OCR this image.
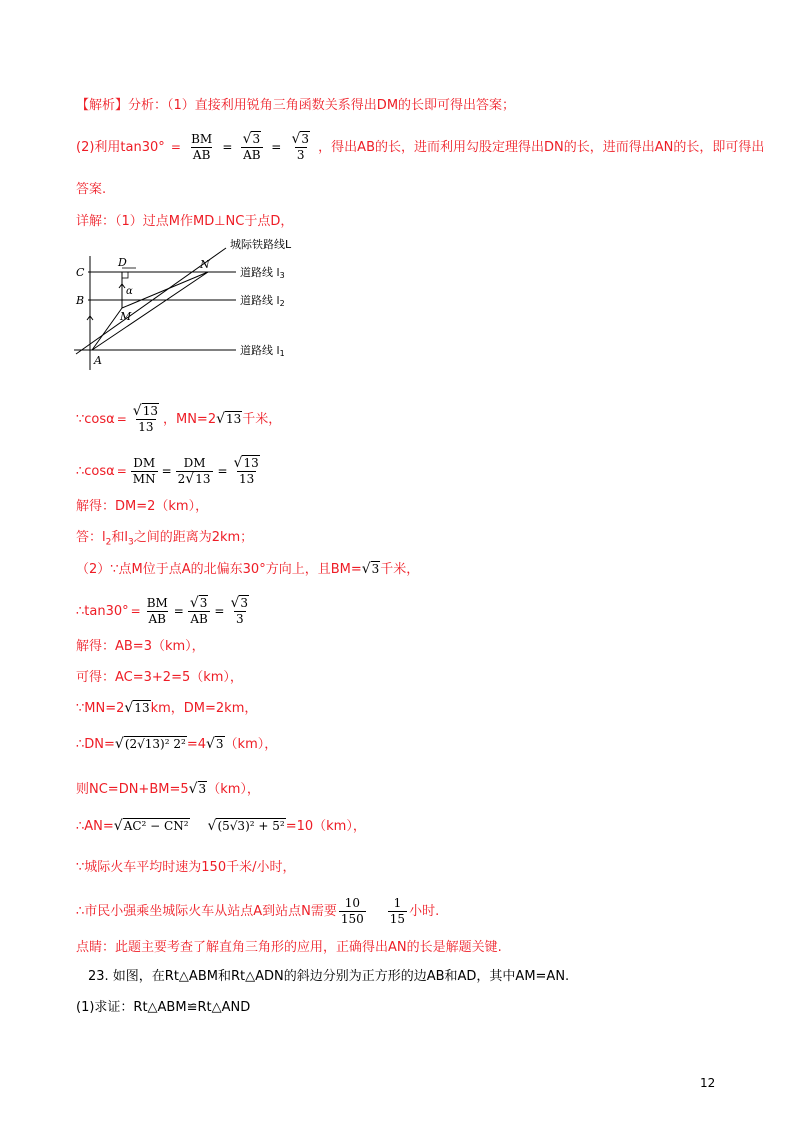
【解析】分析：（1）直接利用锐角三角函数关系得出DM的长即可得出答案；
(2)利用$\tan 30^\circ = \frac{BM}{AB} = \frac{√3}{AB} = \frac{√3}{3}$ ，得出AB的长，进而利用勾股定理得出DN的长，进而得出AN的长，即可得出
答案.
详解：（1）过点M作MD⊥NC于点D，
C
B
A
D	N
M
α
城际铁路线L
道路线 l3
道路线 l2
道路线 l1
∵cosα = $\frac{√13}{13}$ ，MN=2√13千米，
∴cosα = $\frac{DM}{MN} = \frac{DM}{2√13} = \frac{√13}{13}$
解得：DM=2（km），
答：$l_2$和$l_3$之间的距离为2km；
（2）∵点M位于点A的北偏东30°方向上，且BM=√3千米，
∴tan30° = $\frac{BM}{AB} = \frac{√3}{AB} = \frac{√3}{3}$
解得：AB=3（km），
可得：AC=3+2=5（km），
∵MN=2√13km，DM=2km，
∴DN=√(2√13)² 2²=4√3（km），
则NC=DN+BM=5√3（km），
∴AN=√AC² − CN² √(5√3)² + 5²=10（km），
∵城际火车平均时速为150千米/小时，
∴市民小强乘坐城际火车从站点A到站点N需要 $\frac{10}{150} \frac{1}{15}$ 小时.
点睛：此题主要考查了解直角三角形的应用，正确得出AN的长是解题关键.
23. 如图，在Rt△ABM和Rt△ADN的斜边分别为正方形的边AB和AD，其中AM=AN.
(1)求证：Rt△ABM≌Rt△AND
12
